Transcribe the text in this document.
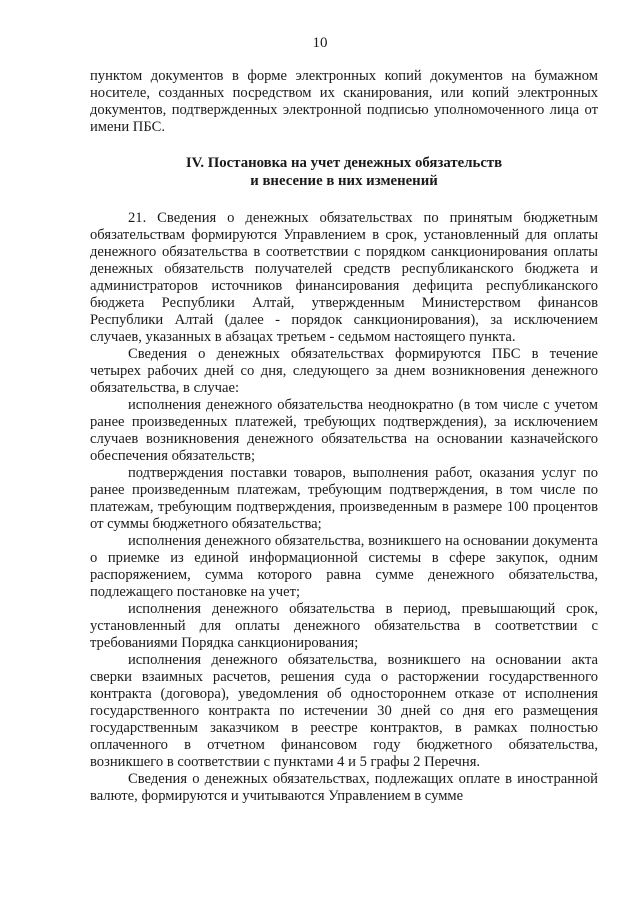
10

пунктом документов в форме электронных копий документов на бумажном носителе, созданных посредством их сканирования, или копий электронных документов, подтвержденных электронной подписью уполномоченного лица от имени ПБС.

IV. Постановка на учет денежных обязательств
и внесение в них изменений

21. Сведения о денежных обязательствах по принятым бюджетным обязательствам формируются Управлением в срок, установленный для оплаты денежного обязательства в соответствии с порядком санкционирования оплаты денежных обязательств получателей средств республиканского бюджета и администраторов источников финансирования дефицита республиканского бюджета Республики Алтай, утвержденным Министерством финансов Республики Алтай (далее - порядок санкционирования), за исключением случаев, указанных в абзацах третьем - седьмом настоящего пункта.

Сведения о денежных обязательствах формируются ПБС в течение четырех рабочих дней со дня, следующего за днем возникновения денежного обязательства, в случае:

исполнения денежного обязательства неоднократно (в том числе с учетом ранее произведенных платежей, требующих подтверждения), за исключением случаев возникновения денежного обязательства на основании казначейского обеспечения обязательств;

подтверждения поставки товаров, выполнения работ, оказания услуг по ранее произведенным платежам, требующим подтверждения, в том числе по платежам, требующим подтверждения, произведенным в размере 100 процентов от суммы бюджетного обязательства;

исполнения денежного обязательства, возникшего на основании документа о приемке из единой информационной системы в сфере закупок, одним распоряжением, сумма которого равна сумме денежного обязательства, подлежащего постановке на учет;

исполнения денежного обязательства в период, превышающий срок, установленный для оплаты денежного обязательства в соответствии с требованиями Порядка санкционирования;

исполнения денежного обязательства, возникшего на основании акта сверки взаимных расчетов, решения суда о расторжении государственного контракта (договора), уведомления об одностороннем отказе от исполнения государственного контракта по истечении 30 дней со дня его размещения государственным заказчиком в реестре контрактов, в рамках полностью оплаченного в отчетном финансовом году бюджетного обязательства, возникшего в соответствии с пунктами 4 и 5 графы 2 Перечня.

Сведения о денежных обязательствах, подлежащих оплате в иностранной валюте, формируются и учитываются Управлением в сумме
